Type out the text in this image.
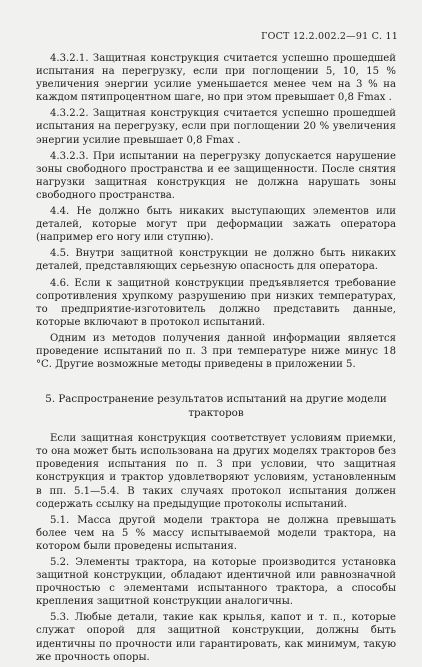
ГОСТ 12.2.002.2—91 С. 11

4.3.2.1. Защитная конструкция считается успешно прошедшей испытания на перегрузку, если при поглощении 5, 10, 15 % увеличения энергии усилие уменьшается менее чем на 3 % на каждом пятипроцентном шаге, но при этом превышает 0,8 Fmax .

4.3.2.2. Защитная конструкция считается успешно прошедшей испытания на перегрузку, если при поглощении 20 % увеличения энергии усилие превышает 0,8 Fmax .

4.3.2.3. При испытании на перегрузку допускается нарушение зоны свободного пространства и ее защищенности. После снятия нагрузки защитная конструкция не должна нарушать зоны свободного пространства.

4.4. Не должно быть никаких выступающих элементов или деталей, которые могут при деформации зажать оператора (например его ногу или ступню).

4.5. Внутри защитной конструкции не должно быть никаких деталей, представляющих серьезную опасность для оператора.

4.6. Если к защитной конструкции предъявляется требование сопротивления хрупкому разрушению при низких температурах, то предприятие-изготовитель должно представить данные, которые включают в протокол испытаний.

Одним из методов получения данной информации является проведение испытаний по п. 3 при температуре ниже минус 18 °С. Другие возможные методы приведены в приложении 5.

5. Распространение результатов испытаний на другие модели тракторов

Если защитная конструкция соответствует условиям приемки, то она может быть использована на других моделях тракторов без проведения испытания по п. 3 при условии, что защитная конструкция и трактор удовлетворяют условиям, установленным в пп. 5.1—5.4. В таких случаях протокол испытания должен содержать ссылку на предыдущие протоколы испытаний.

5.1. Масса другой модели трактора не должна превышать более чем на 5 % массу испытываемой модели трактора, на котором были проведены испытания.

5.2. Элементы трактора, на которые производится установка защитной конструкции, обладают идентичной или равнозначной прочностью с элементами испытанного трактора, а способы крепления защитной конструкции аналогичны.

5.3. Любые детали, такие как крылья, капот и т. п., которые служат опорой для защитной конструкции, должны быть идентичны по прочности или гарантировать, как минимум, такую же прочность опоры.
